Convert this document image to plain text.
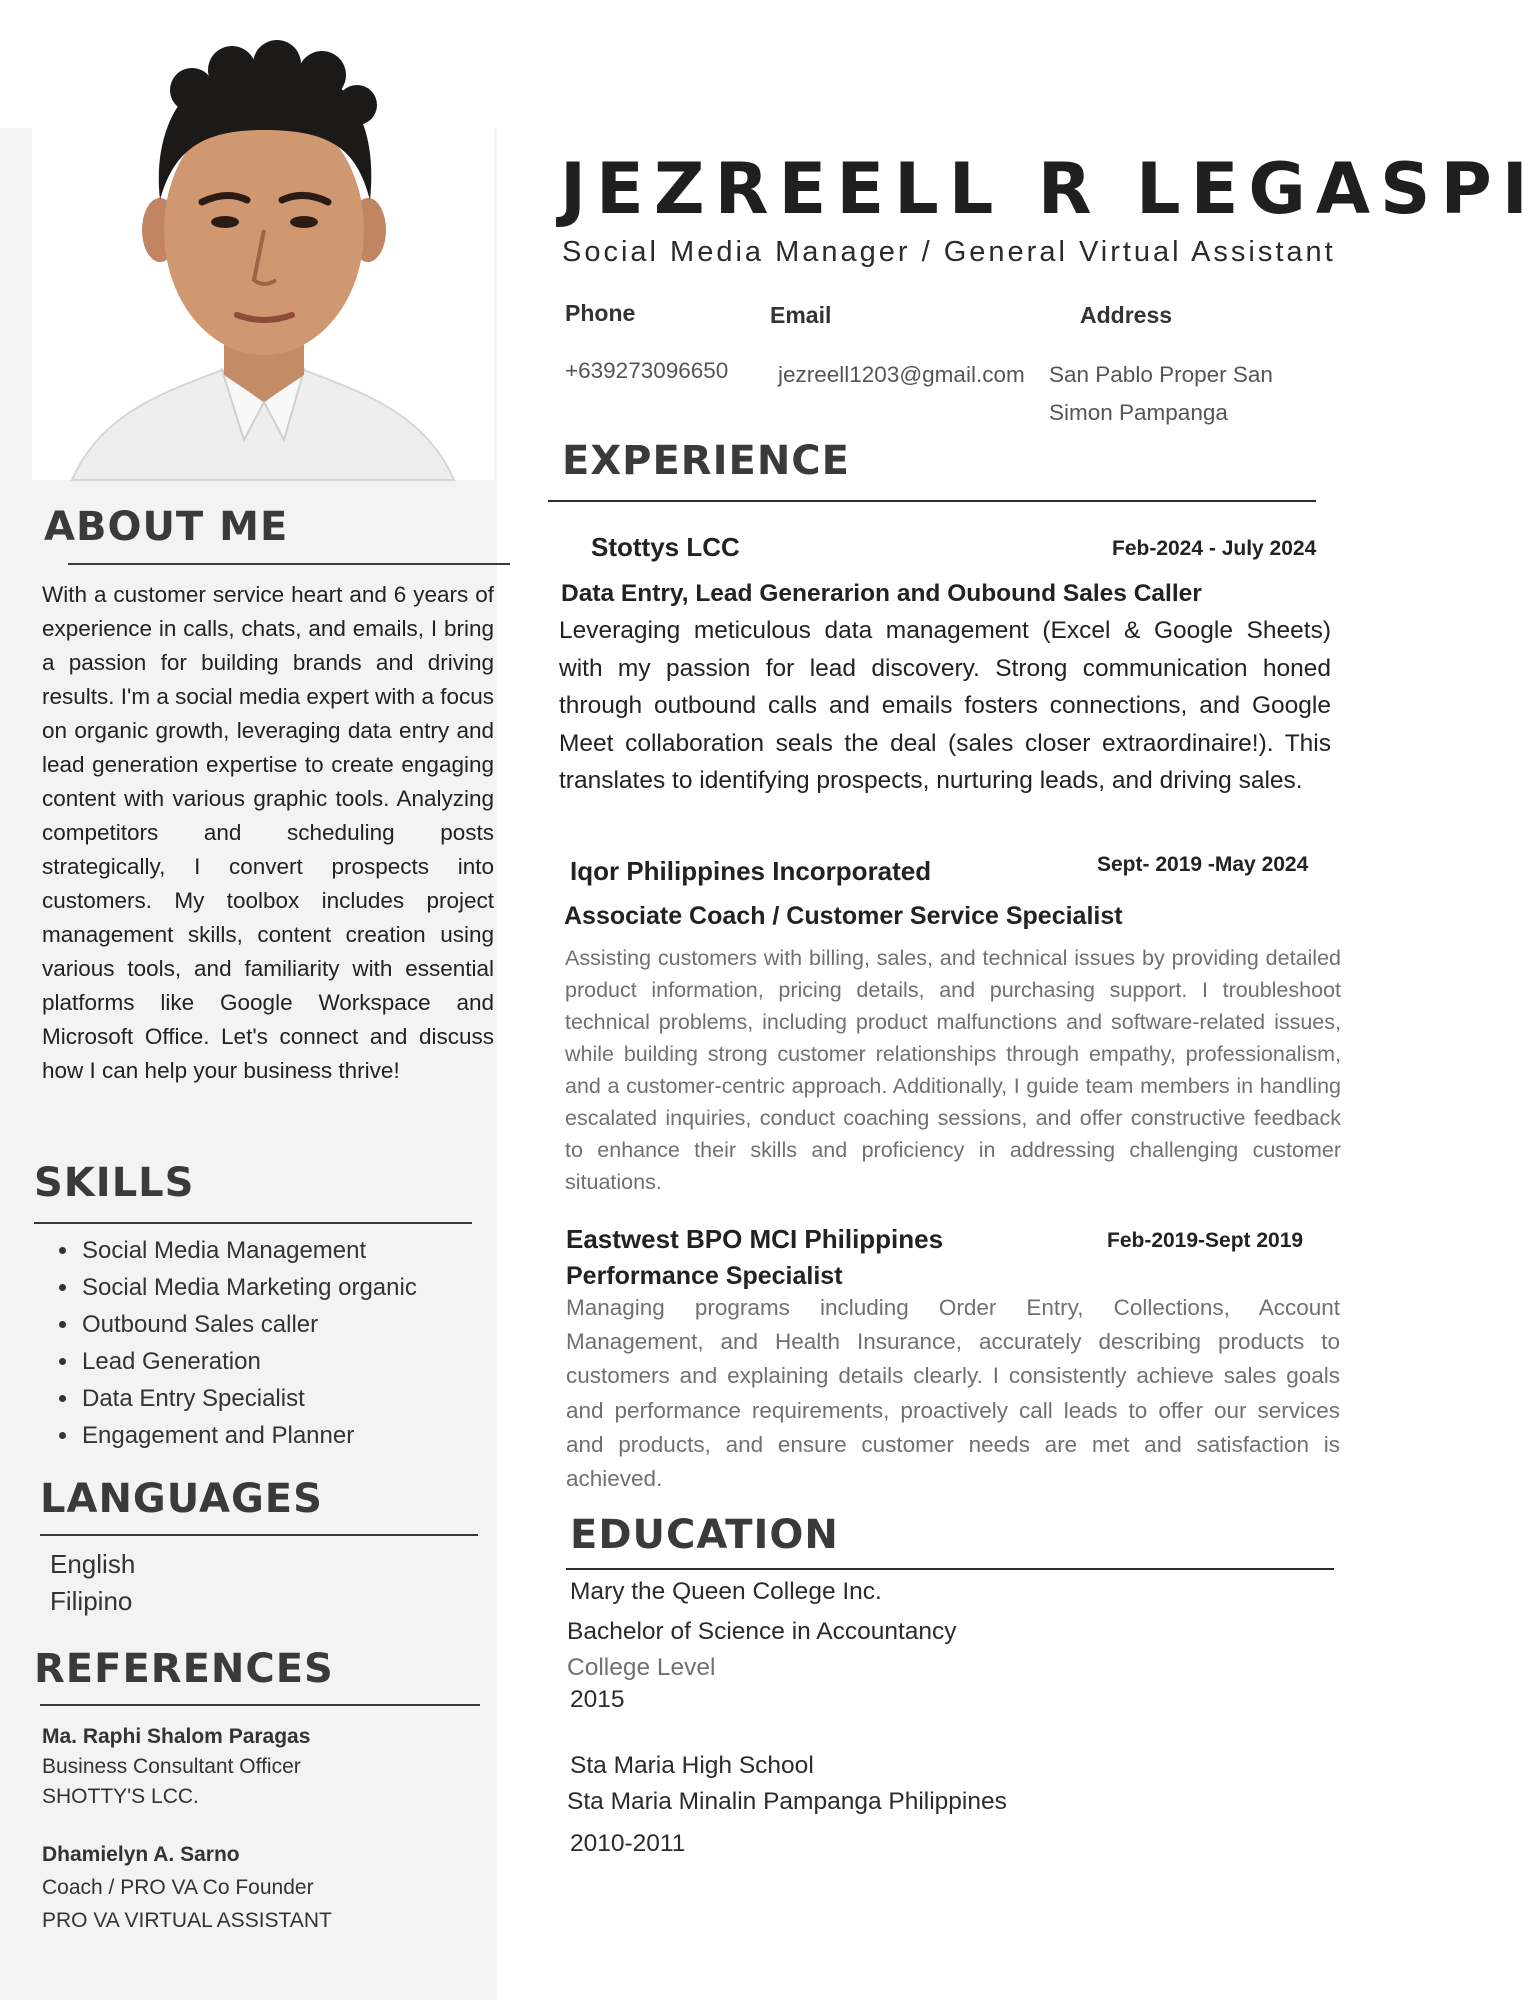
ABOUT ME

With a customer service heart and 6 years of experience in calls, chats, and emails, I bring a passion for building brands and driving results. I'm a social media expert with a focus on organic growth, leveraging data entry and lead generation expertise to create engaging content with various graphic tools. Analyzing competitors and scheduling posts strategically, I convert prospects into customers. My toolbox includes project management skills, content creation using various tools, and familiarity with essential platforms like Google Workspace and Microsoft Office. Let's connect and discuss how I can help your business thrive!

SKILLS
• Social Media Management
• Social Media Marketing organic
• Outbound Sales caller
• Lead Generation
• Data Entry Specialist
• Engagement and Planner
LANGUAGES
English
Filipino
REFERENCES
Ma. Raphi Shalom Paragas
Business Consultant Officer
SHOTTY'S LCC.
Dhamielyn A. Sarno
Coach / PRO VA Co Founder
PRO VA VIRTUAL ASSISTANT
JEZREELL R LEGASPI
Social Media Manager / General Virtual Assistant
Phone	Email	Address
+639273096650 jezreell1203@gmail.com San Pablo Proper San
Simon Pampanga
EXPERIENCE
Stottys LCC	Feb-2024 - July 2024
Data Entry, Lead Generarion and Oubound Sales Caller

Leveraging meticulous data management (Excel & Google Sheets) with my passion for lead discovery. Strong communication honed through outbound calls and emails fosters connections, and Google Meet collaboration seals the deal (sales closer extraordinaire!). This translates to identifying prospects, nurturing leads, and driving sales.

Iqor Philippines Incorporated	Sept- 2019 -May 2024
Associate Coach / Customer Service Specialist

Assisting customers with billing, sales, and technical issues by providing detailed product information, pricing details, and purchasing support. I troubleshoot technical problems, including product malfunctions and software-related issues, while building strong customer relationships through empathy, professionalism, and a customer-centric approach. Additionally, I guide team members in handling escalated inquiries, conduct coaching sessions, and offer constructive feedback to enhance their skills and proficiency in addressing challenging customer situations.

Eastwest BPO MCI Philippines	Feb-2019-Sept 2019
Performance Specialist

Managing programs including Order Entry, Collections, Account Management, and Health Insurance, accurately describing products to customers and explaining details clearly. I consistently achieve sales goals and performance requirements, proactively call leads to offer our services and products, and ensure customer needs are met and satisfaction is achieved.

EDUCATION
Mary the Queen College Inc.
Bachelor of Science in Accountancy
College Level
2015
Sta Maria High School
Sta Maria Minalin Pampanga Philippines
2010-2011
